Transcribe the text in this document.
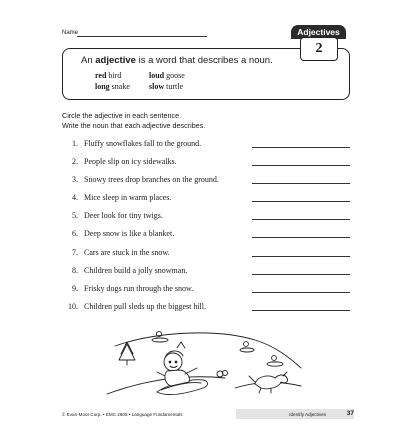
Name
An adjective is a word that describes a noun.
red bird	loud goose
long snake	slow turtle
Adjectives
2
Circle the adjective in each sentence.
Write the noun that each adjective describes.
1. Fluffy snowflakes fall to the ground.
2. People slip on icy sidewalks.
3. Snowy trees drop branches on the ground.
4. Mice sleep in warm places.
5. Deer look for tiny twigs.
6. Deep snow is like a blanket.
7. Cars are stuck in the snow.
8. Children build a jolly snowman.
9. Frisky dogs run through the snow.
10. Children pull sleds up the biggest hill.
© Evan-Moor Corp. • EMC 2805 • Language Fundamentals	Identify Adjectives	37
